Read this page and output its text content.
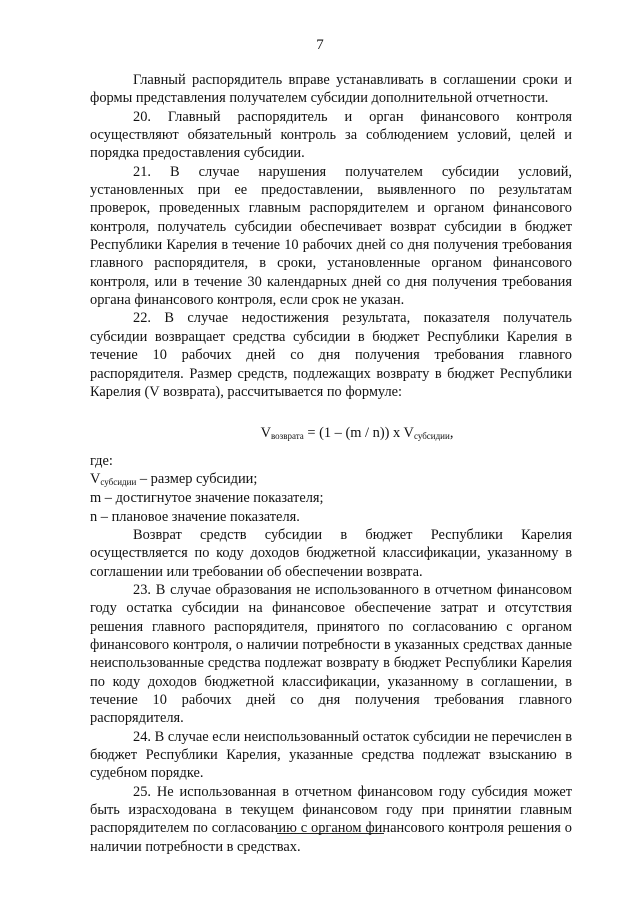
7

Главный распорядитель вправе устанавливать в соглашении сроки и формы представления получателем субсидии дополнительной отчетности.

20. Главный распорядитель и орган финансового контроля осуществляют обязательный контроль за соблюдением условий, целей и порядка предоставления субсидии.

21. В случае нарушения получателем субсидии условий, установленных при ее предоставлении, выявленного по результатам проверок, проведенных главным распорядителем и органом финансового контроля, получатель субсидии обеспечивает возврат субсидии в бюджет Республики Карелия в течение 10 рабочих дней со дня получения требования главного распорядителя, в сроки, установленные органом финансового контроля, или в течение 30 календарных дней со дня получения требования органа финансового контроля, если срок не указан.

22. В случае недостижения результата, показателя получатель субсидии возвращает средства субсидии в бюджет Республики Карелия в течение 10 рабочих дней со дня получения требования главного распорядителя. Размер средств, подлежащих возврату в бюджет Республики Карелия (V возврата), рассчитывается по формуле:

$V_{возврата} = (1 - (m / n))$ x $V_{субсидии}$,

где:

$V_{субсидии}$ – размер субсидии;

m – достигнутое значение показателя;

n – плановое значение показателя.

Возврат средств субсидии в бюджет Республики Карелия осуществляется по коду доходов бюджетной классификации, указанному в соглашении или требовании об обеспечении возврата.

23. В случае образования не использованного в отчетном финансовом году остатка субсидии на финансовое обеспечение затрат и отсутствия решения главного распорядителя, принятого по согласованию с органом финансового контроля, о наличии потребности в указанных средствах данные неиспользованные средства подлежат возврату в бюджет Республики Карелия по коду доходов бюджетной классификации, указанному в соглашении, в течение 10 рабочих дней со дня получения требования главного распорядителя.

24. В случае если неиспользованный остаток субсидии не перечислен в бюджет Республики Карелия, указанные средства подлежат взысканию в судебном порядке.

25. Не использованная в отчетном финансовом году субсидия может быть израсходована в текущем финансовом году при принятии главным распорядителем по согласованию с органом финансового контроля решения о наличии потребности в средствах.
